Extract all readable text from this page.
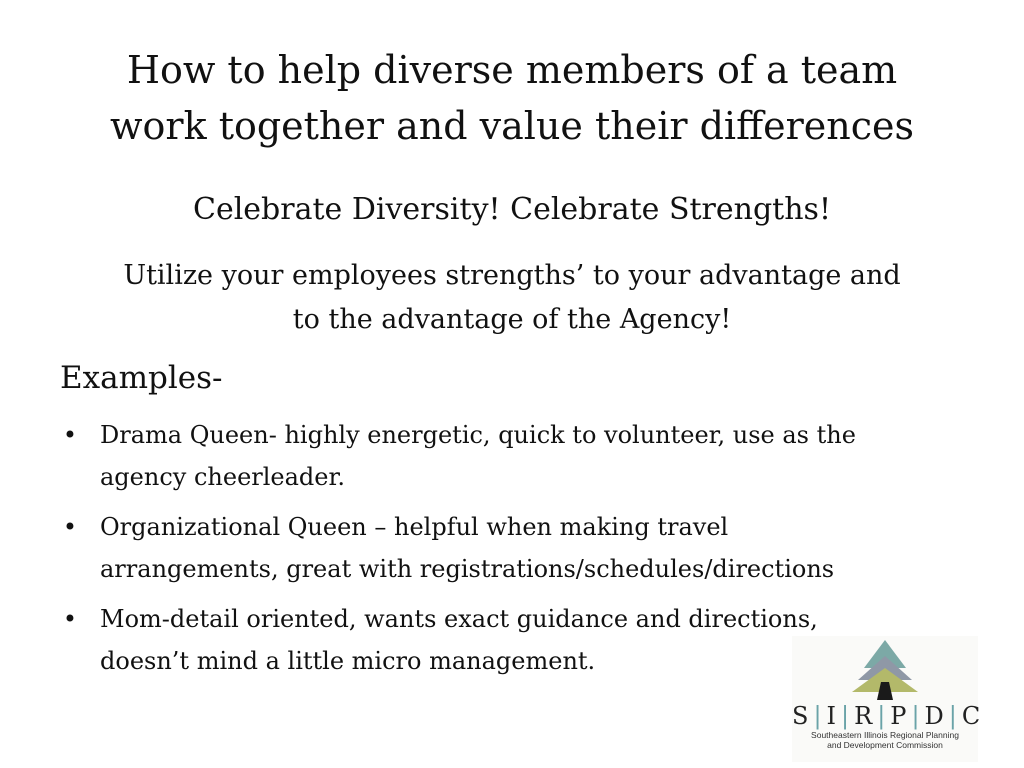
How to help diverse members of a team
work together and value their differences
Celebrate Diversity! Celebrate Strengths!
Utilize your employees strengths’ to your advantage and
to the advantage of the Agency!
Examples-
• Drama Queen- highly energetic, quick to volunteer, use as the
agency cheerleader.
• Organizational Queen – helpful when making travel
arrangements, great with registrations/schedules/directions
• Mom-detail oriented, wants exact guidance and directions,
doesn’t mind a little micro management.
S | I | R | P | D | C
Southeastern Illinois Regional Planning
and Development Commission
